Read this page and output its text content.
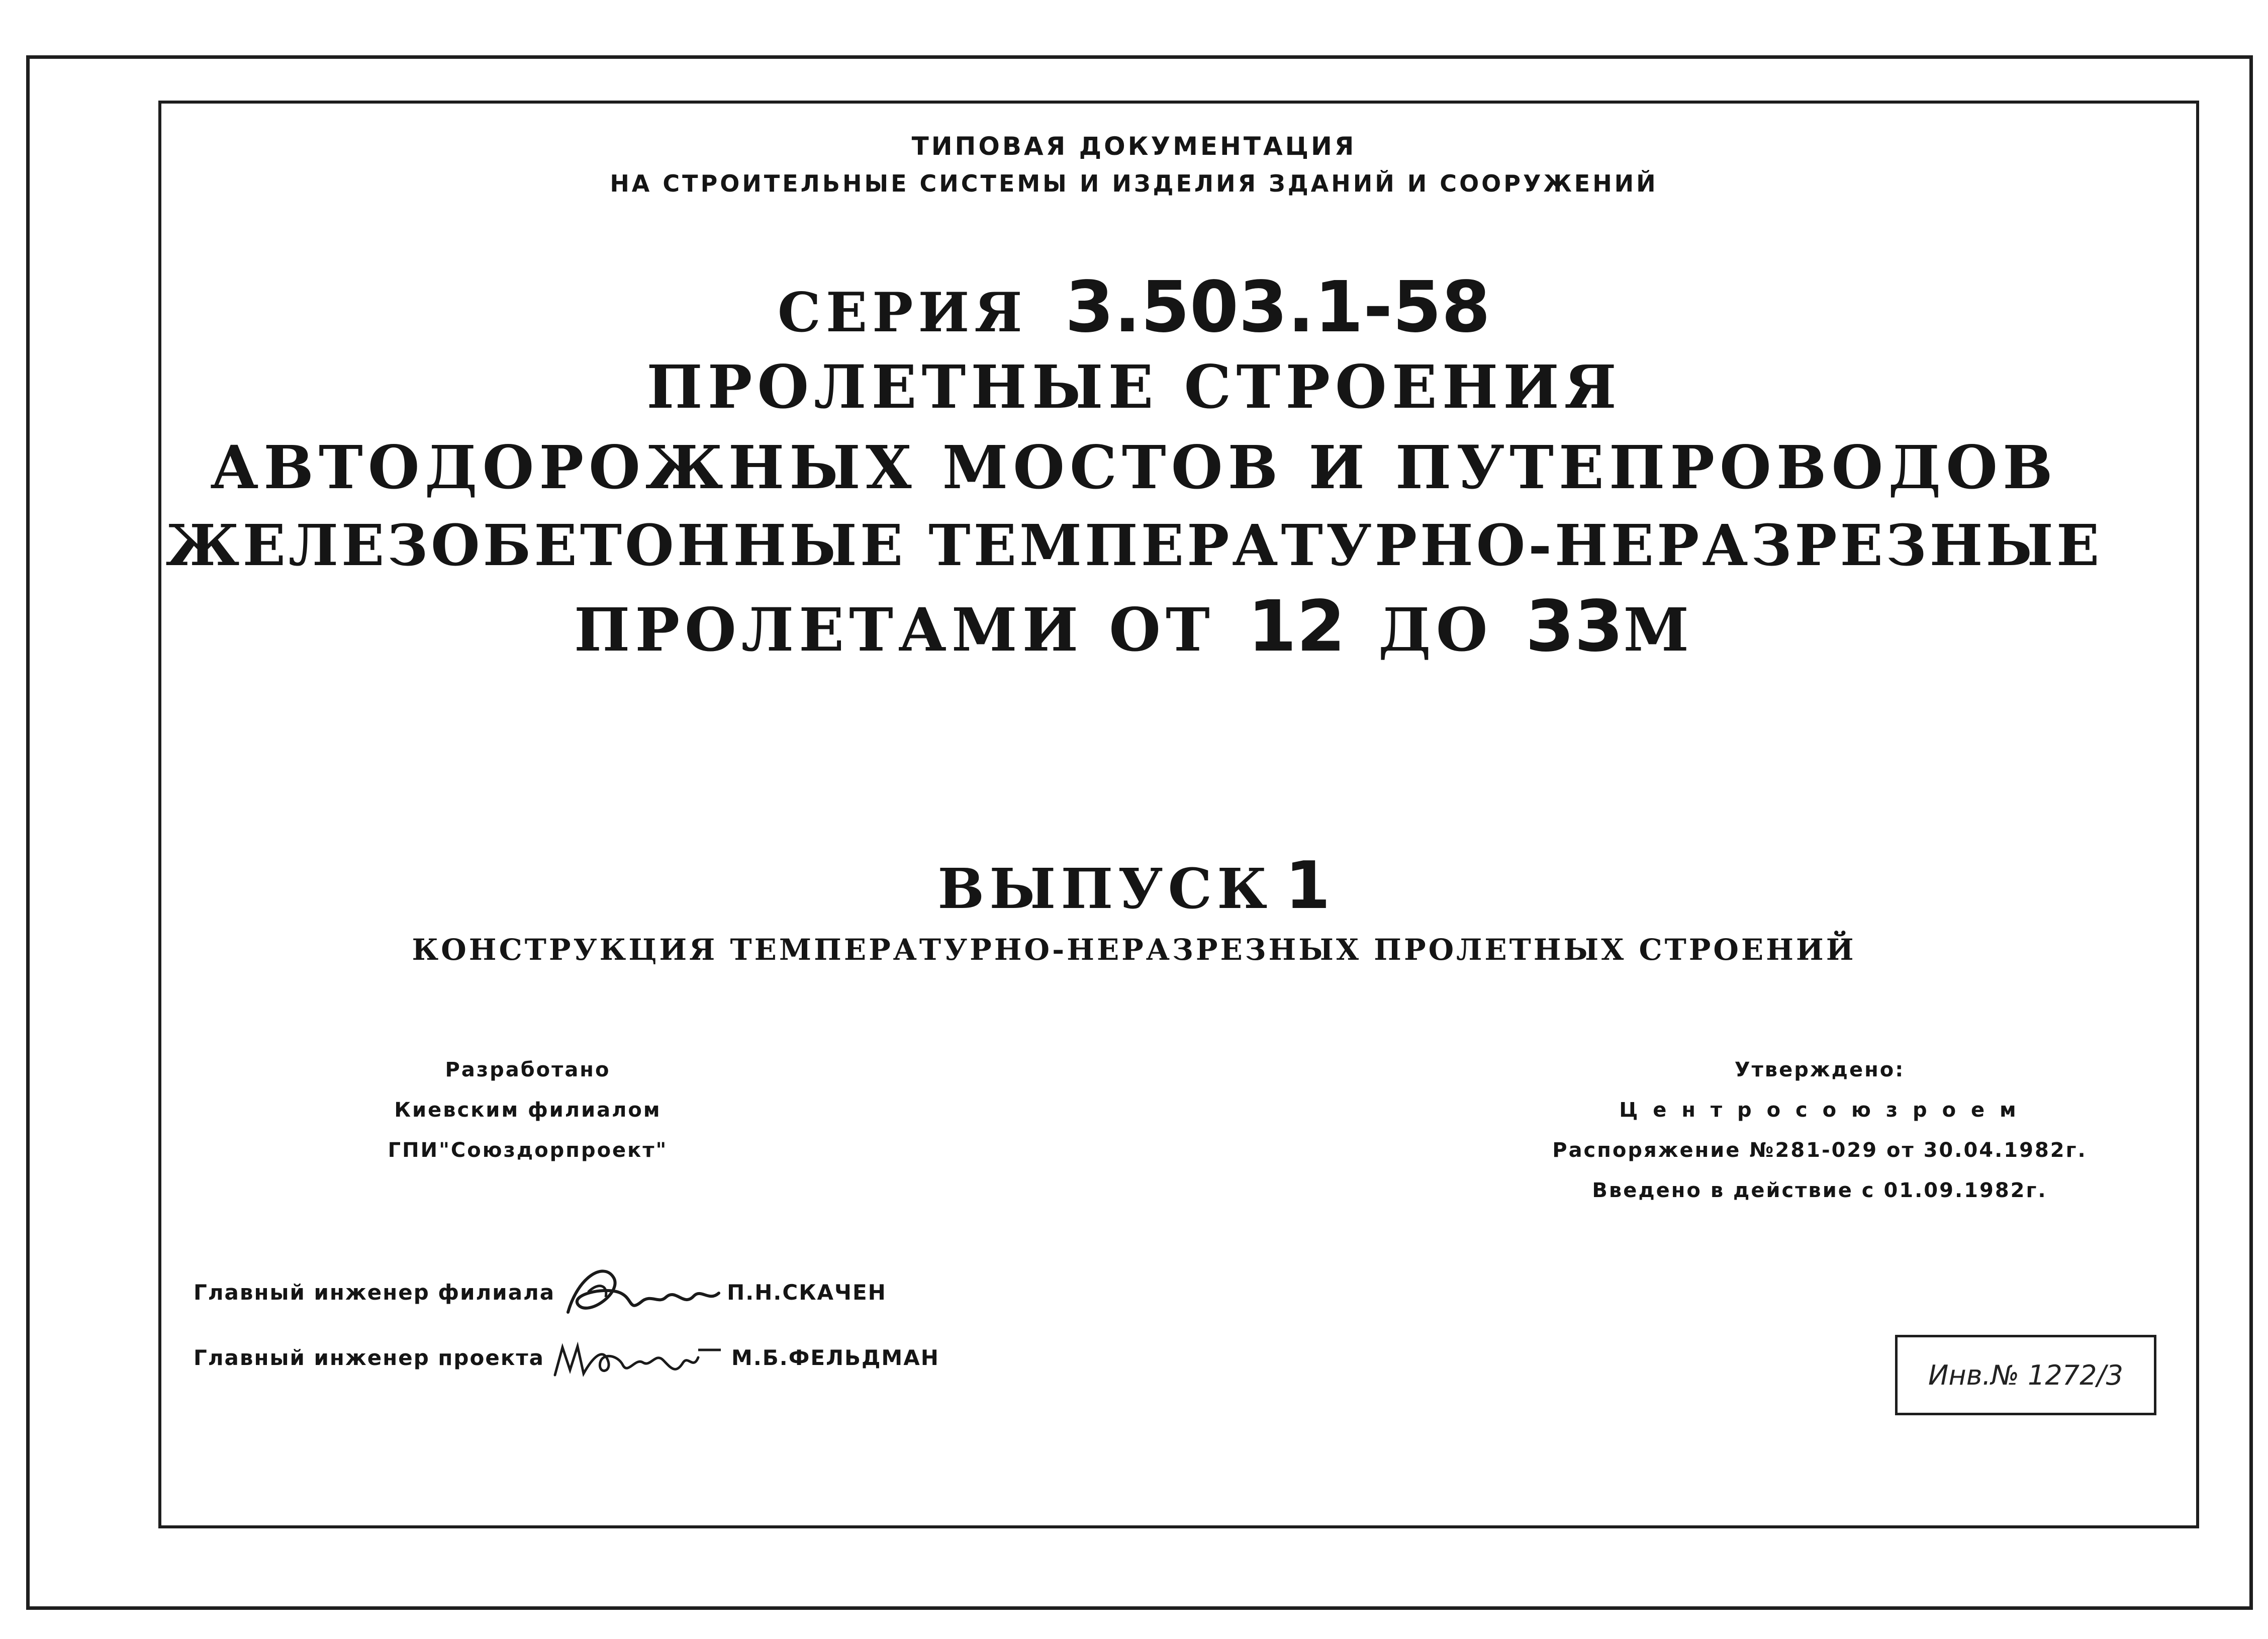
ТИПОВАЯ ДОКУМЕНТАЦИЯ
НА СТРОИТЕЛЬНЫЕ СИСТЕМЫ И ИЗДЕЛИЯ ЗДАНИЙ И СООРУЖЕНИЙ
СЕРИЯ 3.503.1-58
ПРОЛЕТНЫЕ СТРОЕНИЯ
АВТОДОРОЖНЫХ МОСТОВ И ПУТЕПРОВОДОВ
ЖЕЛЕЗОБЕТОННЫЕ ТЕМПЕРАТУРНО-НЕРАЗРЕЗНЫЕ
ПРОЛЕТАМИ ОТ 12 ДО 33М
ВЫПУСК 1
КОНСТРУКЦИЯ ТЕМПЕРАТУРНО-НЕРАЗРЕЗНЫХ ПРОЛЕТНЫХ СТРОЕНИЙ
Разработано
Киевским филиалом
ГПИ"Союздорпроект"
Утверждено:
Ц е н т р о с о ю з р о е м
Распоряжение №281-029 от 30.04.1982г.
Введено в действие с 01.09.1982г.
Главный инженер филиала	П.Н.СКАЧЕН
Главный инженер проекта	М.Б.ФЕЛЬДМАН
Инв.№ 1272/3
